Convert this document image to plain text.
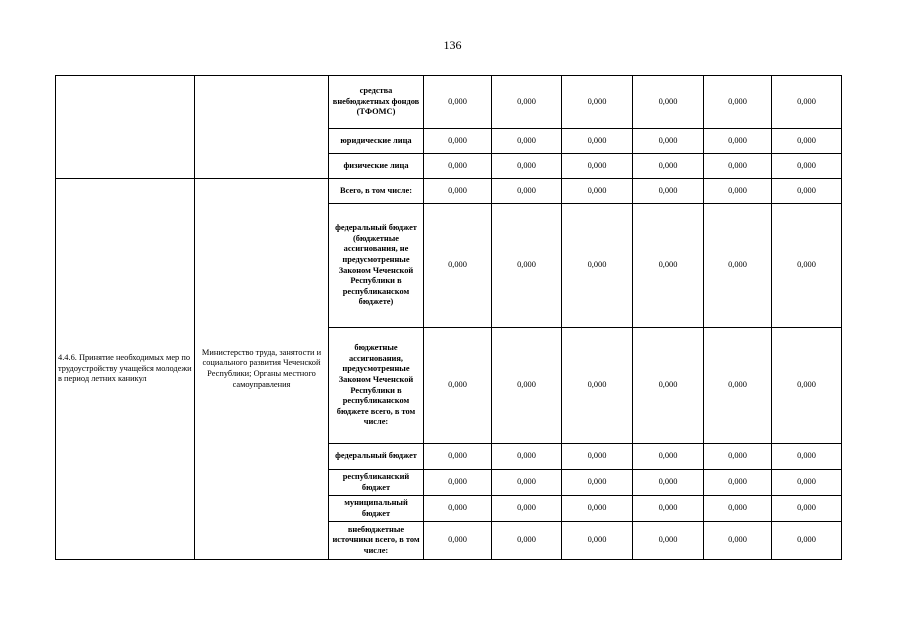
136
		средства внебюджетных фондов (ТФОМС)	0,000	0,000	0,000	0,000	0,000	0,000
		юридические лица	0,000	0,000	0,000	0,000	0,000	0,000
		физические лица	0,000	0,000	0,000	0,000	0,000	0,000
4.4.6. Принятие необходимых мер по трудоустройству учащейся молодежи в период летних каникул	Министерство труда, занятости и социального развития Чеченской Республики; Органы местного самоуправления	Всего, в том числе:	0,000	0,000	0,000	0,000	0,000	0,000
		федеральный бюджет (бюджетные ассигнования, не предусмотренные Законом Чеченской Республики в республиканском бюджете)	0,000	0,000	0,000	0,000	0,000	0,000
		бюджетные ассигнования, предусмотренные Законом Чеченской Республики в республиканском бюджете всего, в том числе:	0,000	0,000	0,000	0,000	0,000	0,000
		федеральный бюджет	0,000	0,000	0,000	0,000	0,000	0,000
		республиканский бюджет	0,000	0,000	0,000	0,000	0,000	0,000
		муниципальный бюджет	0,000	0,000	0,000	0,000	0,000	0,000
		внебюджетные источники всего, в том числе:	0,000	0,000	0,000	0,000	0,000	0,000
